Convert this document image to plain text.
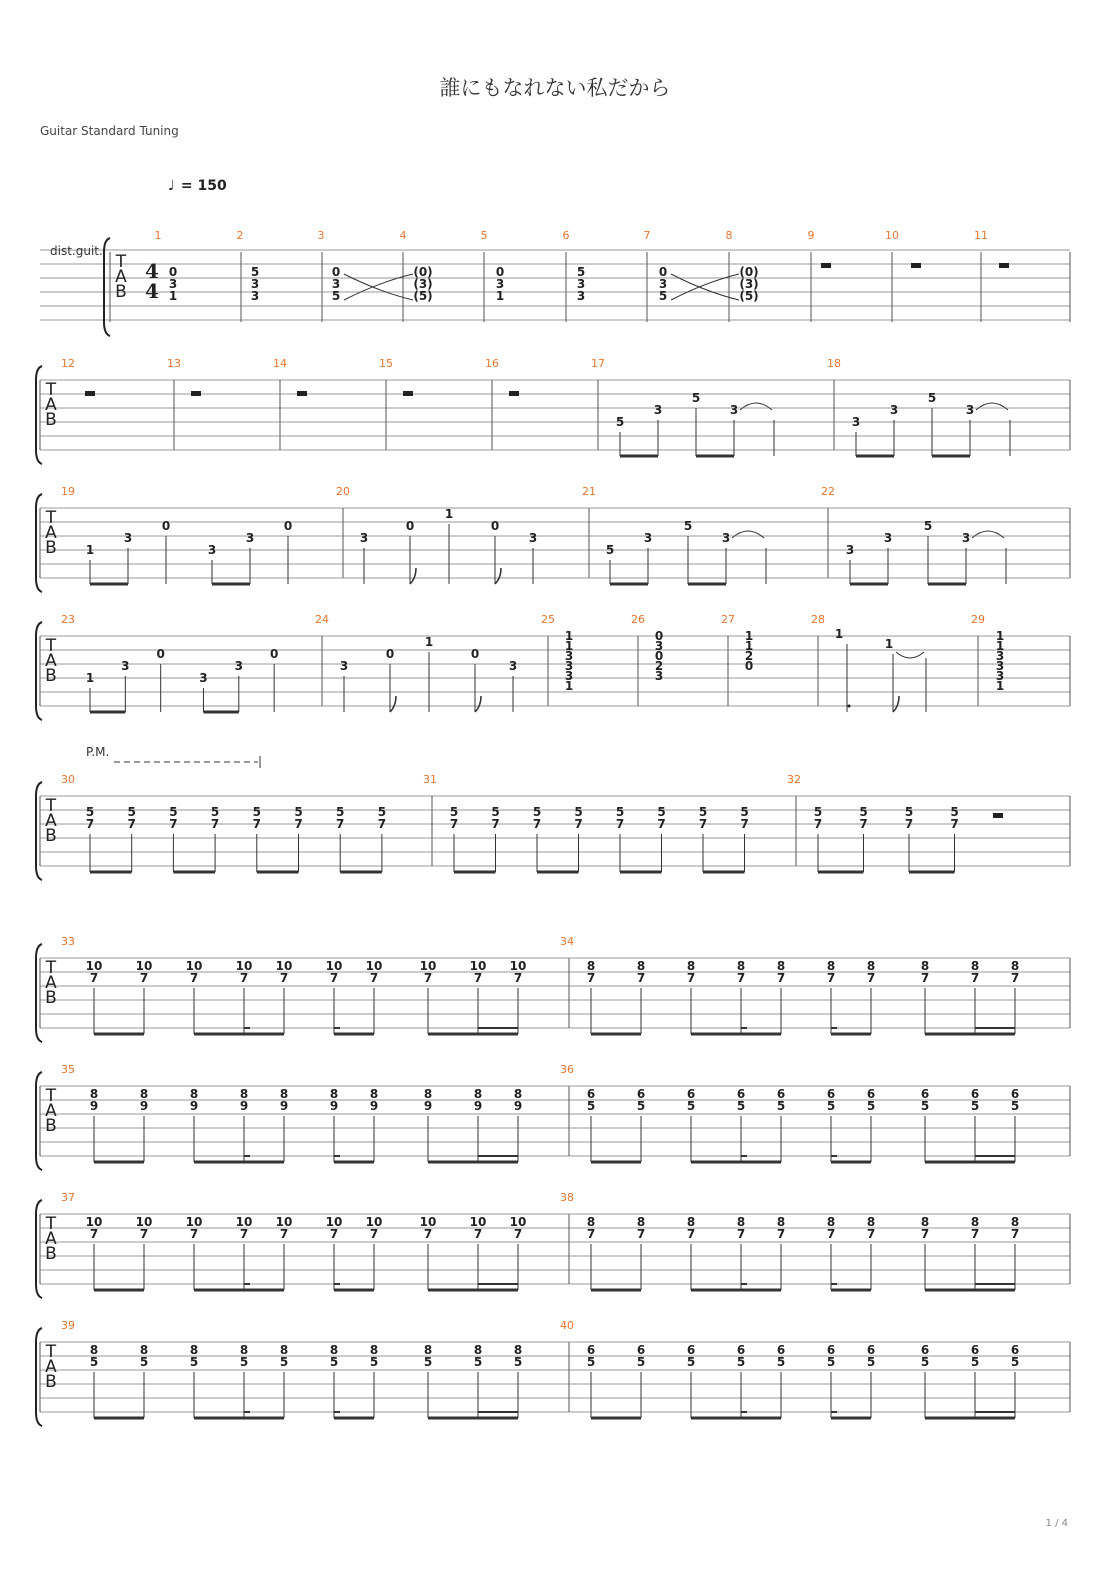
誰にもなれない私だから
Guitar Standard Tuning
♩ = 150
1 / 4
T
A
B
1	2	3	4	5	6	7	8	9	10	11
T
A
B
12	13	14	15	16	17	18
T
A
B
19	20	21	22
T
A
B
23	24	25	26	27	28	29
T
A
B
30	31	32
T
A
B
33	34
T
A
B
35	36
T
A
B
37	38
T
A
B
39	40
dist.guit.
4
4
0
3
1
5
3
3
0
3
5
(0)
(3)
(5)
0
3
1
5
3
3
0
3
5
(0)
(3)
(5)
5
3
5
3
3
3
5
3
1
3
0
3
3
0
3
0
1
0
3
5
3
5
3
3
3
5
3
1
3
0
3
3
0
3
0
1
0
3
1
1
3
3
3
1
0
3
0
2
3
1
1
2
0
1
1
3
3
3
1
1
1
P.M.
5
7
5
7
5
7
5
7
5
7
5
7
5
7
5
7
5
7
5
7
5
7
5
7
5
7
5
7
5
7
5
7
5
7
5
7
5
7
5
7
10
7
10
7
10
7
10
7
10
7
10
7
10
7
10
7
10
7
10
7
8
7
8
7
8
7
8
7
8
7
8
7
8
7
8
7
8
7
8
7
8
9
8
9
8
9
8
9
8
9
8
9
8
9
8
9
8
9
8
9
6
5
6
5
6
5
6
5
6
5
6
5
6
5
6
5
6
5
6
5
10
7
10
7
10
7
10
7
10
7
10
7
10
7
10
7
10
7
10
7
8
7
8
7
8
7
8
7
8
7
8
7
8
7
8
7
8
7
8
7
8
5
8
5
8
5
8
5
8
5
8
5
8
5
8
5
8
5
8
5
6
5
6
5
6
5
6
5
6
5
6
5
6
5
6
5
6
5
6
5
